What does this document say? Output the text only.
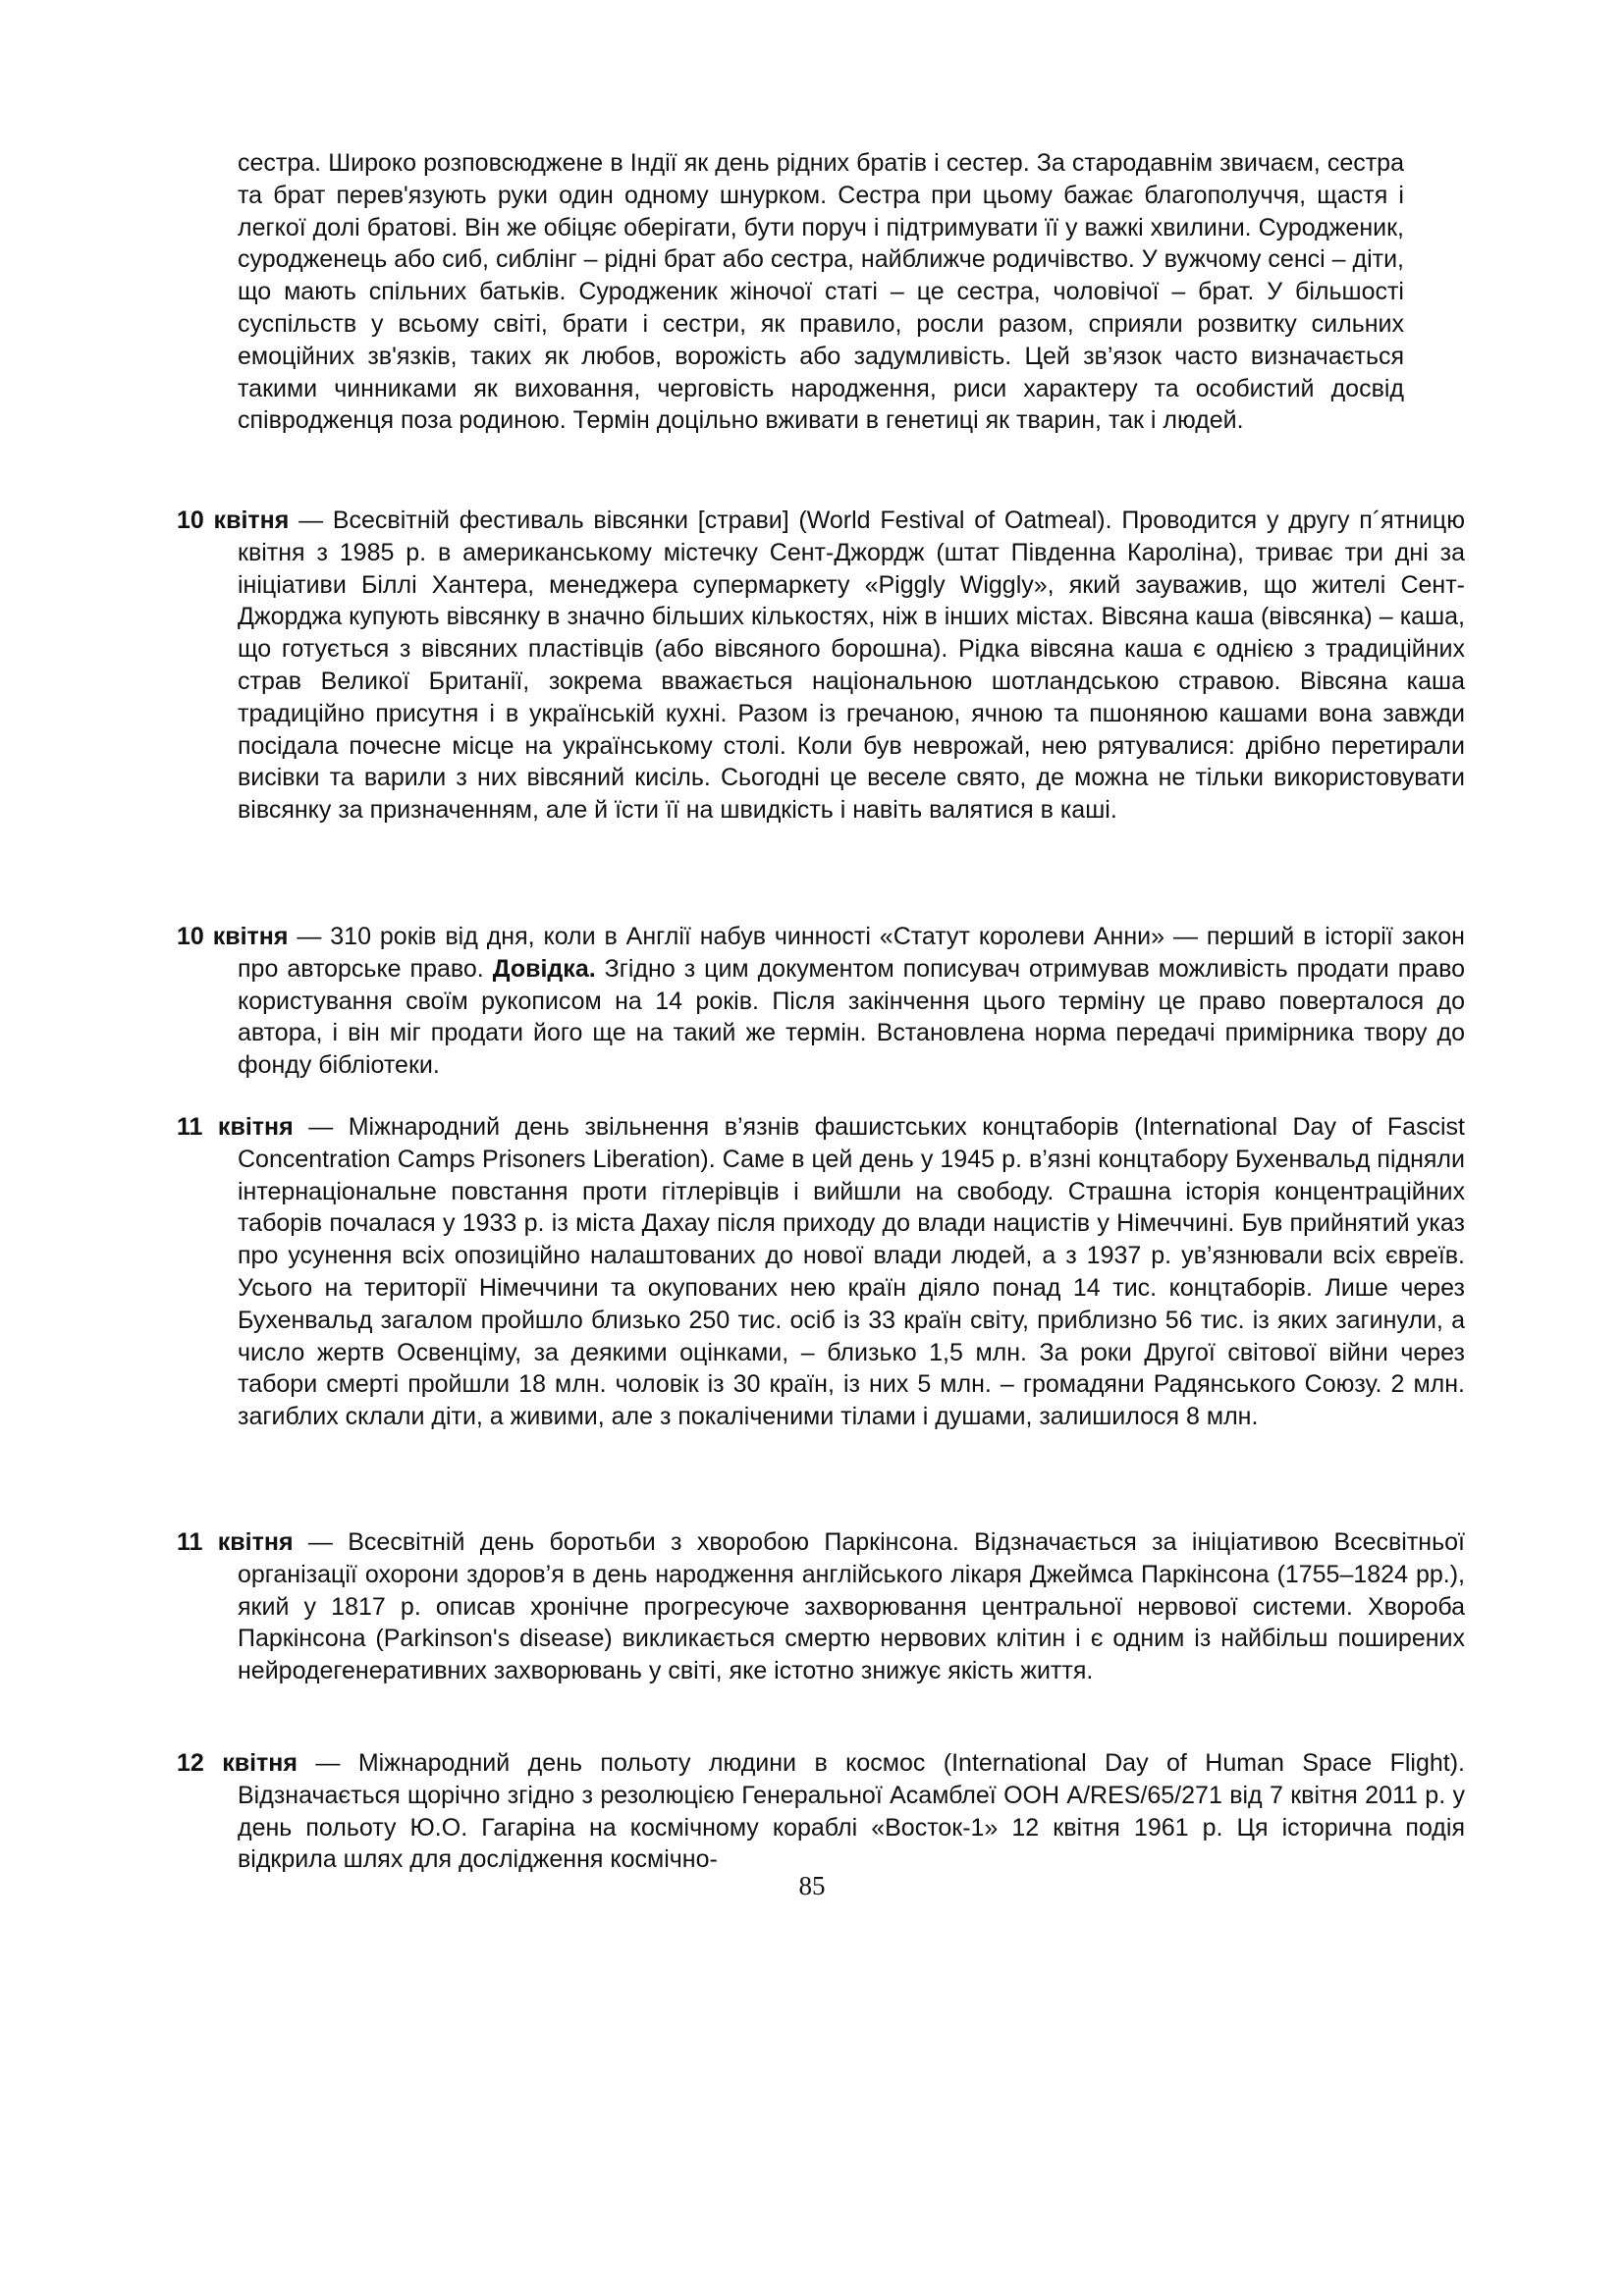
сестра. Широко розповсюджене в Індії як день рідних братів і сестер. За стародавнім звичаєм, сестра та брат перев'язують руки один одному шнурком. Сестра при цьому бажає благополуччя, щастя і легкої долі братові. Він же обіцяє оберігати, бути поруч і підтримувати її у важкі хвилини. Суродженик, суродженець або сиб, сиблінг – рідні брат або сестра, найближче родичівство. У вужчому сенсі – діти, що мають спільних батьків. Суродженик жіночої статі – це сестра, чоловічої – брат. У більшості суспільств у всьому світі, брати і сестри, як правило, росли разом, сприяли розвитку сильних емоційних зв'язків, таких як любов, ворожість або задумливість. Цей зв’язок часто визначається такими чинниками як виховання, черговість народження, риси характеру та особистий досвід співродженця поза родиною. Термін доцільно вживати в генетиці як тварин, так і людей.

10 квітня — Всесвітній фестиваль вівсянки [страви] (World Festival of Oatmeal). Проводится у другу п´ятницю квітня з 1985 р. в американському містечку Сент-Джордж (штат Південна Кароліна), триває три дні за ініціативи Біллі Хантера, менеджера супермаркету «Piggly Wiggly», який зауважив, що жителі Сент-Джорджа купують вівсянку в значно більших кількостях, ніж в інших містах. Вівсяна каша (вівсянка) – каша, що готується з вівсяних пластівців (або вівсяного борошна). Рідка вівсяна каша є однією з традиційних страв Великої Британії, зокрема вважається національною шотландською стравою. Вівсяна каша традиційно присутня і в українській кухні. Разом із гречаною, ячною та пшоняною кашами вона завжди посідала почесне місце на українському столі. Коли був неврожай, нею рятувалися: дрібно перетирали висівки та варили з них вівсяний кисіль. Сьогодні це веселе свято, де можна не тільки використовувати вівсянку за призначенням, але й їсти її на швидкість і навіть валятися в каші.

10 квітня — 310 років від дня, коли в Англії набув чинності «Статут королеви Анни» — перший в історії закон про авторське право. Довідка. Згідно з цим документом пописувач отримував можливість продати право користування своїм рукописом на 14 років. Після закінчення цього терміну це право поверталося до автора, і він міг продати його ще на такий же термін. Встановлена норма передачі примірника твору до фонду бібліотеки.

11 квітня — Міжнародний день звільнення в’язнів фашистських концтаборів (International Day of Fascist Concentration Camps Prisoners Liberation). Саме в цей день у 1945 р. в’язні концтабору Бухенвальд підняли інтернаціональне повстання проти гітлерівців і вийшли на свободу. Страшна історія концентраційних таборів почалася у 1933 р. із міста Дахау після приходу до влади нацистів у Німеччині. Був прийнятий указ про усунення всіх опозиційно налаштованих до нової влади людей, а з 1937 р. ув’язнювали всіх євреїв. Усього на території Німеччини та окупованих нею країн діяло понад 14 тис. концтаборів. Лише через Бухенвальд загалом пройшло близько 250 тис. осіб із 33 країн світу, приблизно 56 тис. із яких загинули, а число жертв Освенціму, за деякими оцінками, – близько 1,5 млн. За роки Другої світової війни через табори смерті пройшли 18 млн. чоловік із 30 країн, із них 5 млн. – громадяни Радянського Союзу. 2 млн. загиблих склали діти, а живими, але з покаліченими тілами і душами, залишилося 8 млн.

11 квітня — Всесвітній день боротьби з хворобою Паркінсона. Відзначається за ініціативою Всесвітньої організації охорони здоров’я в день народження англійського лікаря Джеймса Паркінсона (1755–1824 рр.), який у 1817 р. описав хронічне прогресуюче захворювання центральної нервової системи. Хвороба Паркінсона (Parkinson's disease) викликається смертю нервових клітин і є одним із найбільш поширених нейродегенеративних захворювань у світі, яке істотно знижує якість життя.

12 квітня — Міжнародний день польоту людини в космос (International Day of Human Space Flight). Відзначається щорічно згідно з резолюцією Генеральної Асамблеї ООН A/RES/65/271 від 7 квітня 2011 р. у день польоту Ю.О. Гагаріна на космічному кораблі «Восток-1» 12 квітня 1961 р. Ця історична подія відкрила шлях для дослідження космічно-

85
